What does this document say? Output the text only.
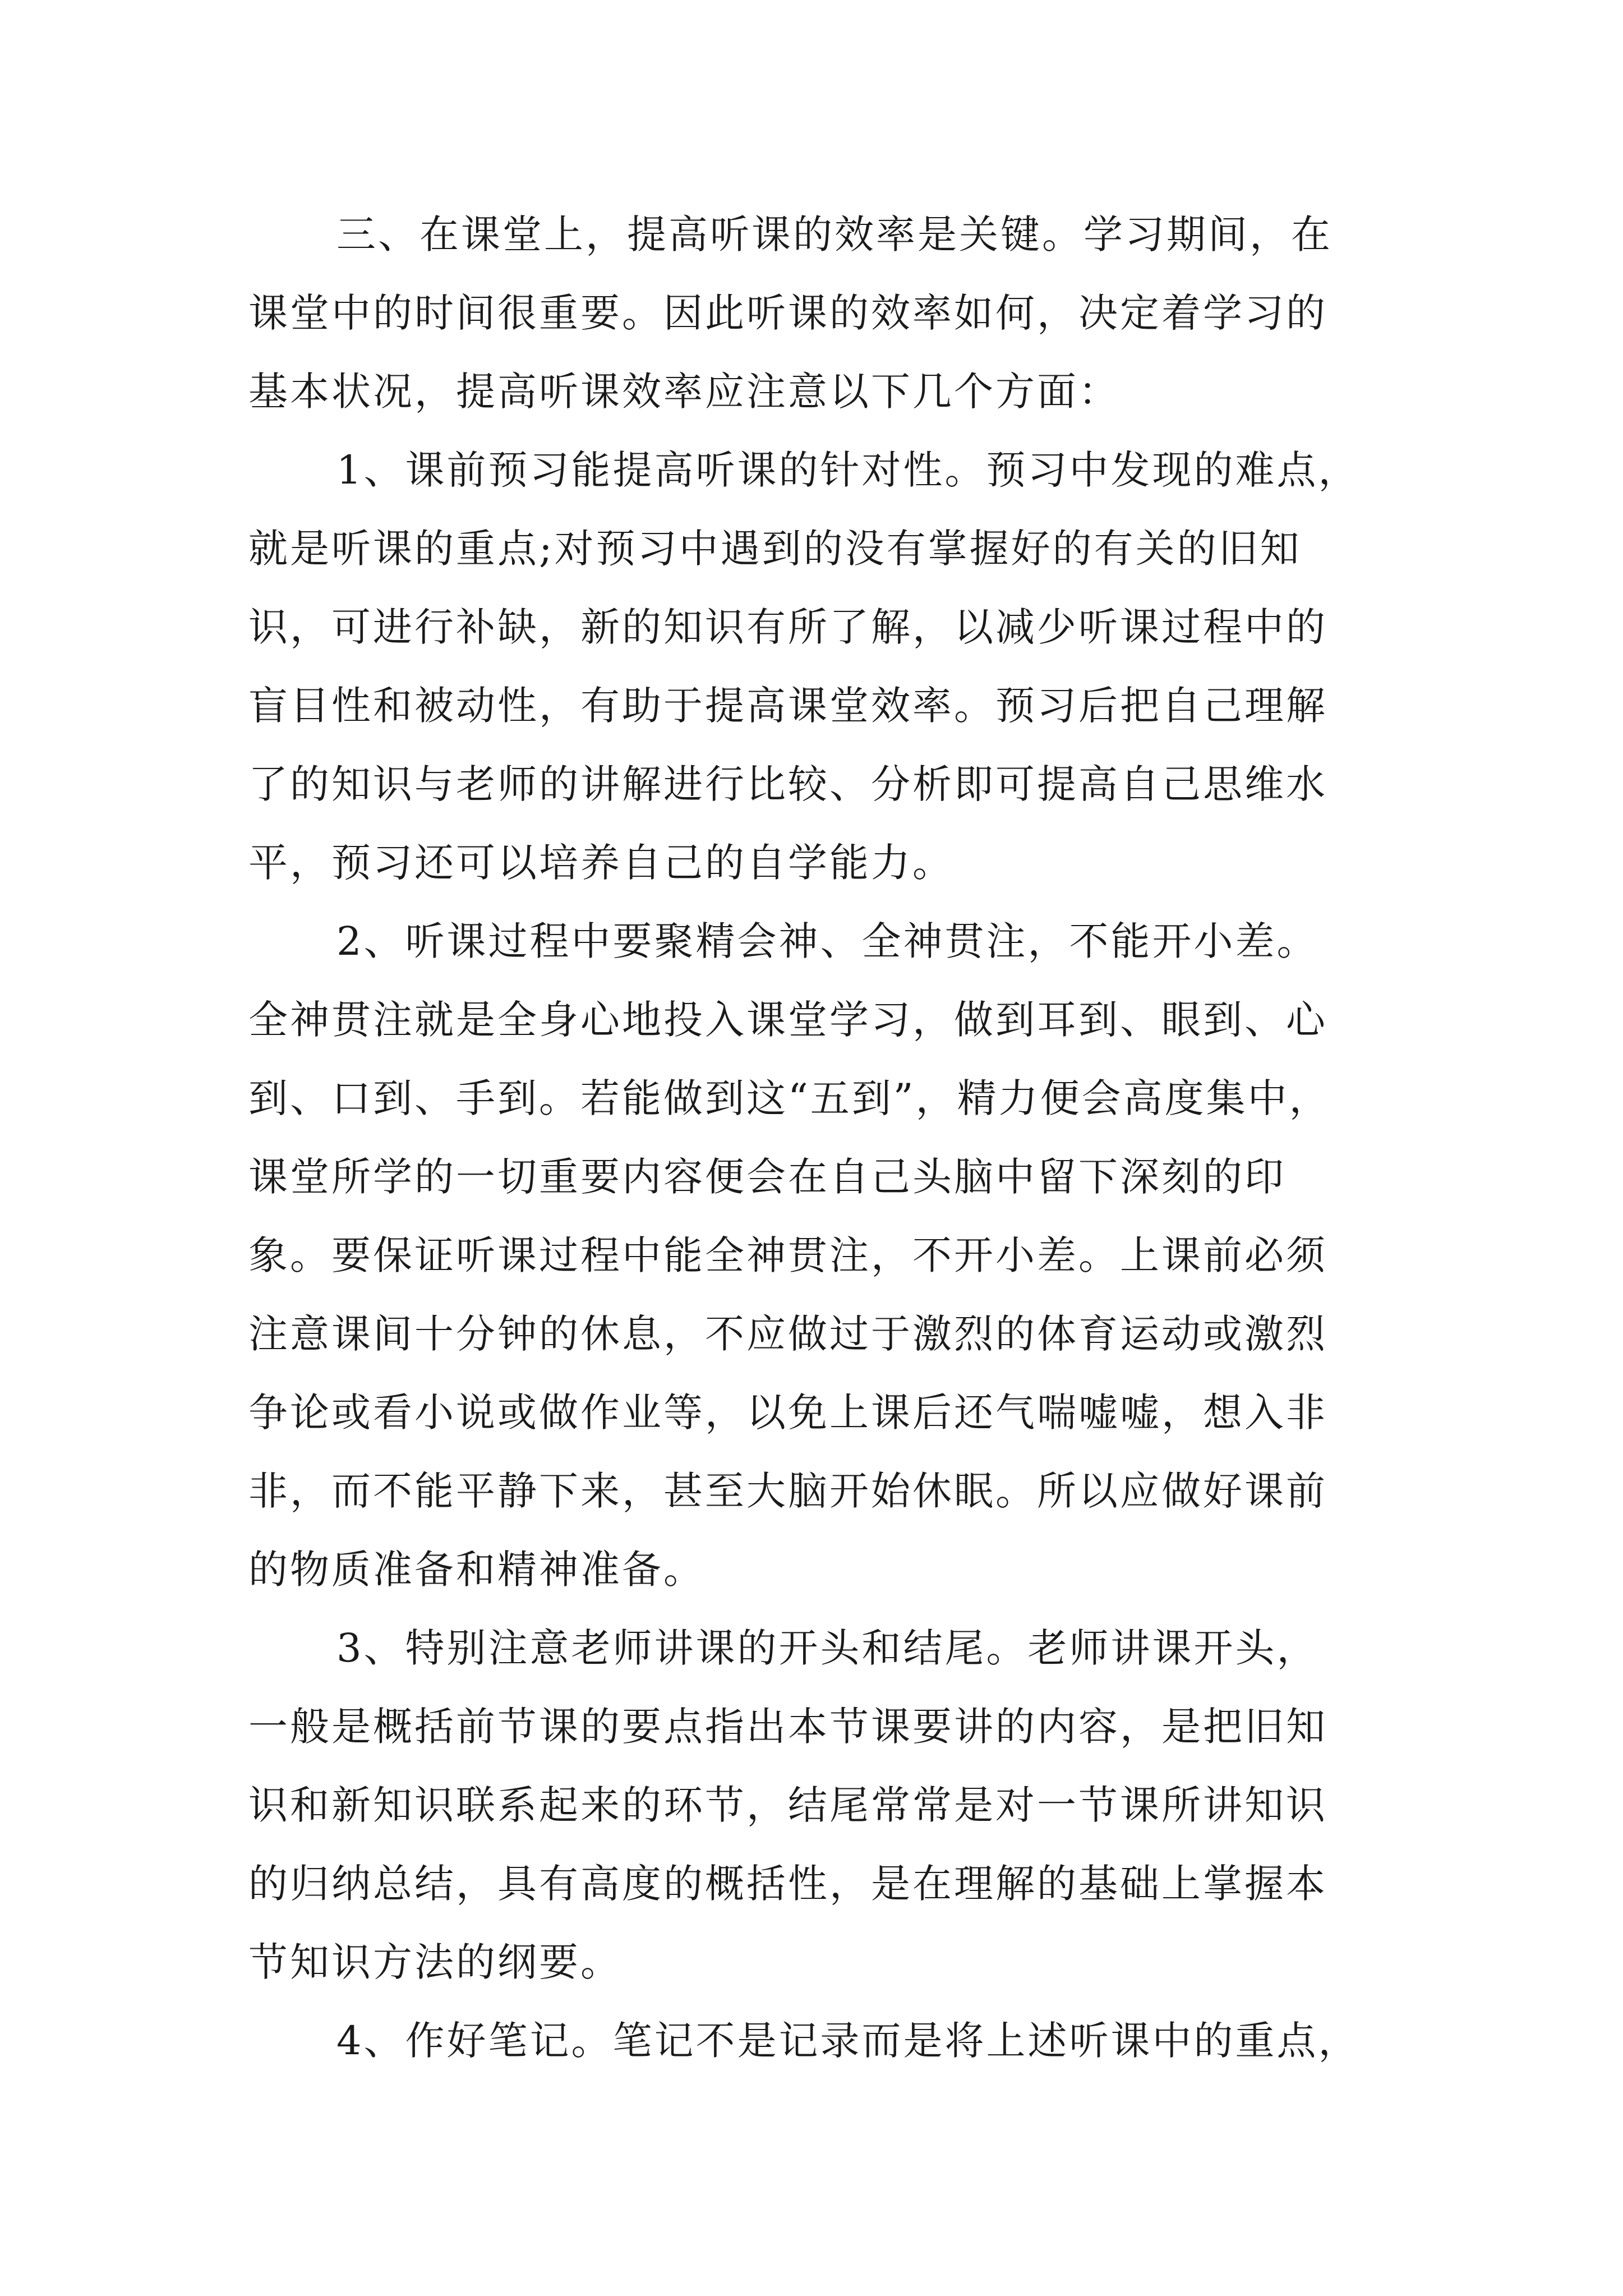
三、在课堂上，提高听课的效率是关键。学习期间，在
课堂中的时间很重要。因此听课的效率如何，决定着学习的
基本状况，提高听课效率应注意以下几个方面：
1、课前预习能提高听课的针对性。预习中发现的难点，
就是听课的重点;对预习中遇到的没有掌握好的有关的旧知
识，可进行补缺，新的知识有所了解，以减少听课过程中的
盲目性和被动性，有助于提高课堂效率。预习后把自己理解
了的知识与老师的讲解进行比较、分析即可提高自己思维水
平，预习还可以培养自己的自学能力。
2、听课过程中要聚精会神、全神贯注，不能开小差。
全神贯注就是全身心地投入课堂学习，做到耳到、眼到、心
到、口到、手到。若能做到这“五到”，精力便会高度集中，
课堂所学的一切重要内容便会在自己头脑中留下深刻的印
象。要保证听课过程中能全神贯注，不开小差。上课前必须
注意课间十分钟的休息，不应做过于激烈的体育运动或激烈
争论或看小说或做作业等，以免上课后还气喘嘘嘘，想入非
非，而不能平静下来，甚至大脑开始休眠。所以应做好课前
的物质准备和精神准备。
3、特别注意老师讲课的开头和结尾。老师讲课开头，
一般是概括前节课的要点指出本节课要讲的内容，是把旧知
识和新知识联系起来的环节，结尾常常是对一节课所讲知识
的归纳总结，具有高度的概括性，是在理解的基础上掌握本
节知识方法的纲要。
4、作好笔记。笔记不是记录而是将上述听课中的重点，
